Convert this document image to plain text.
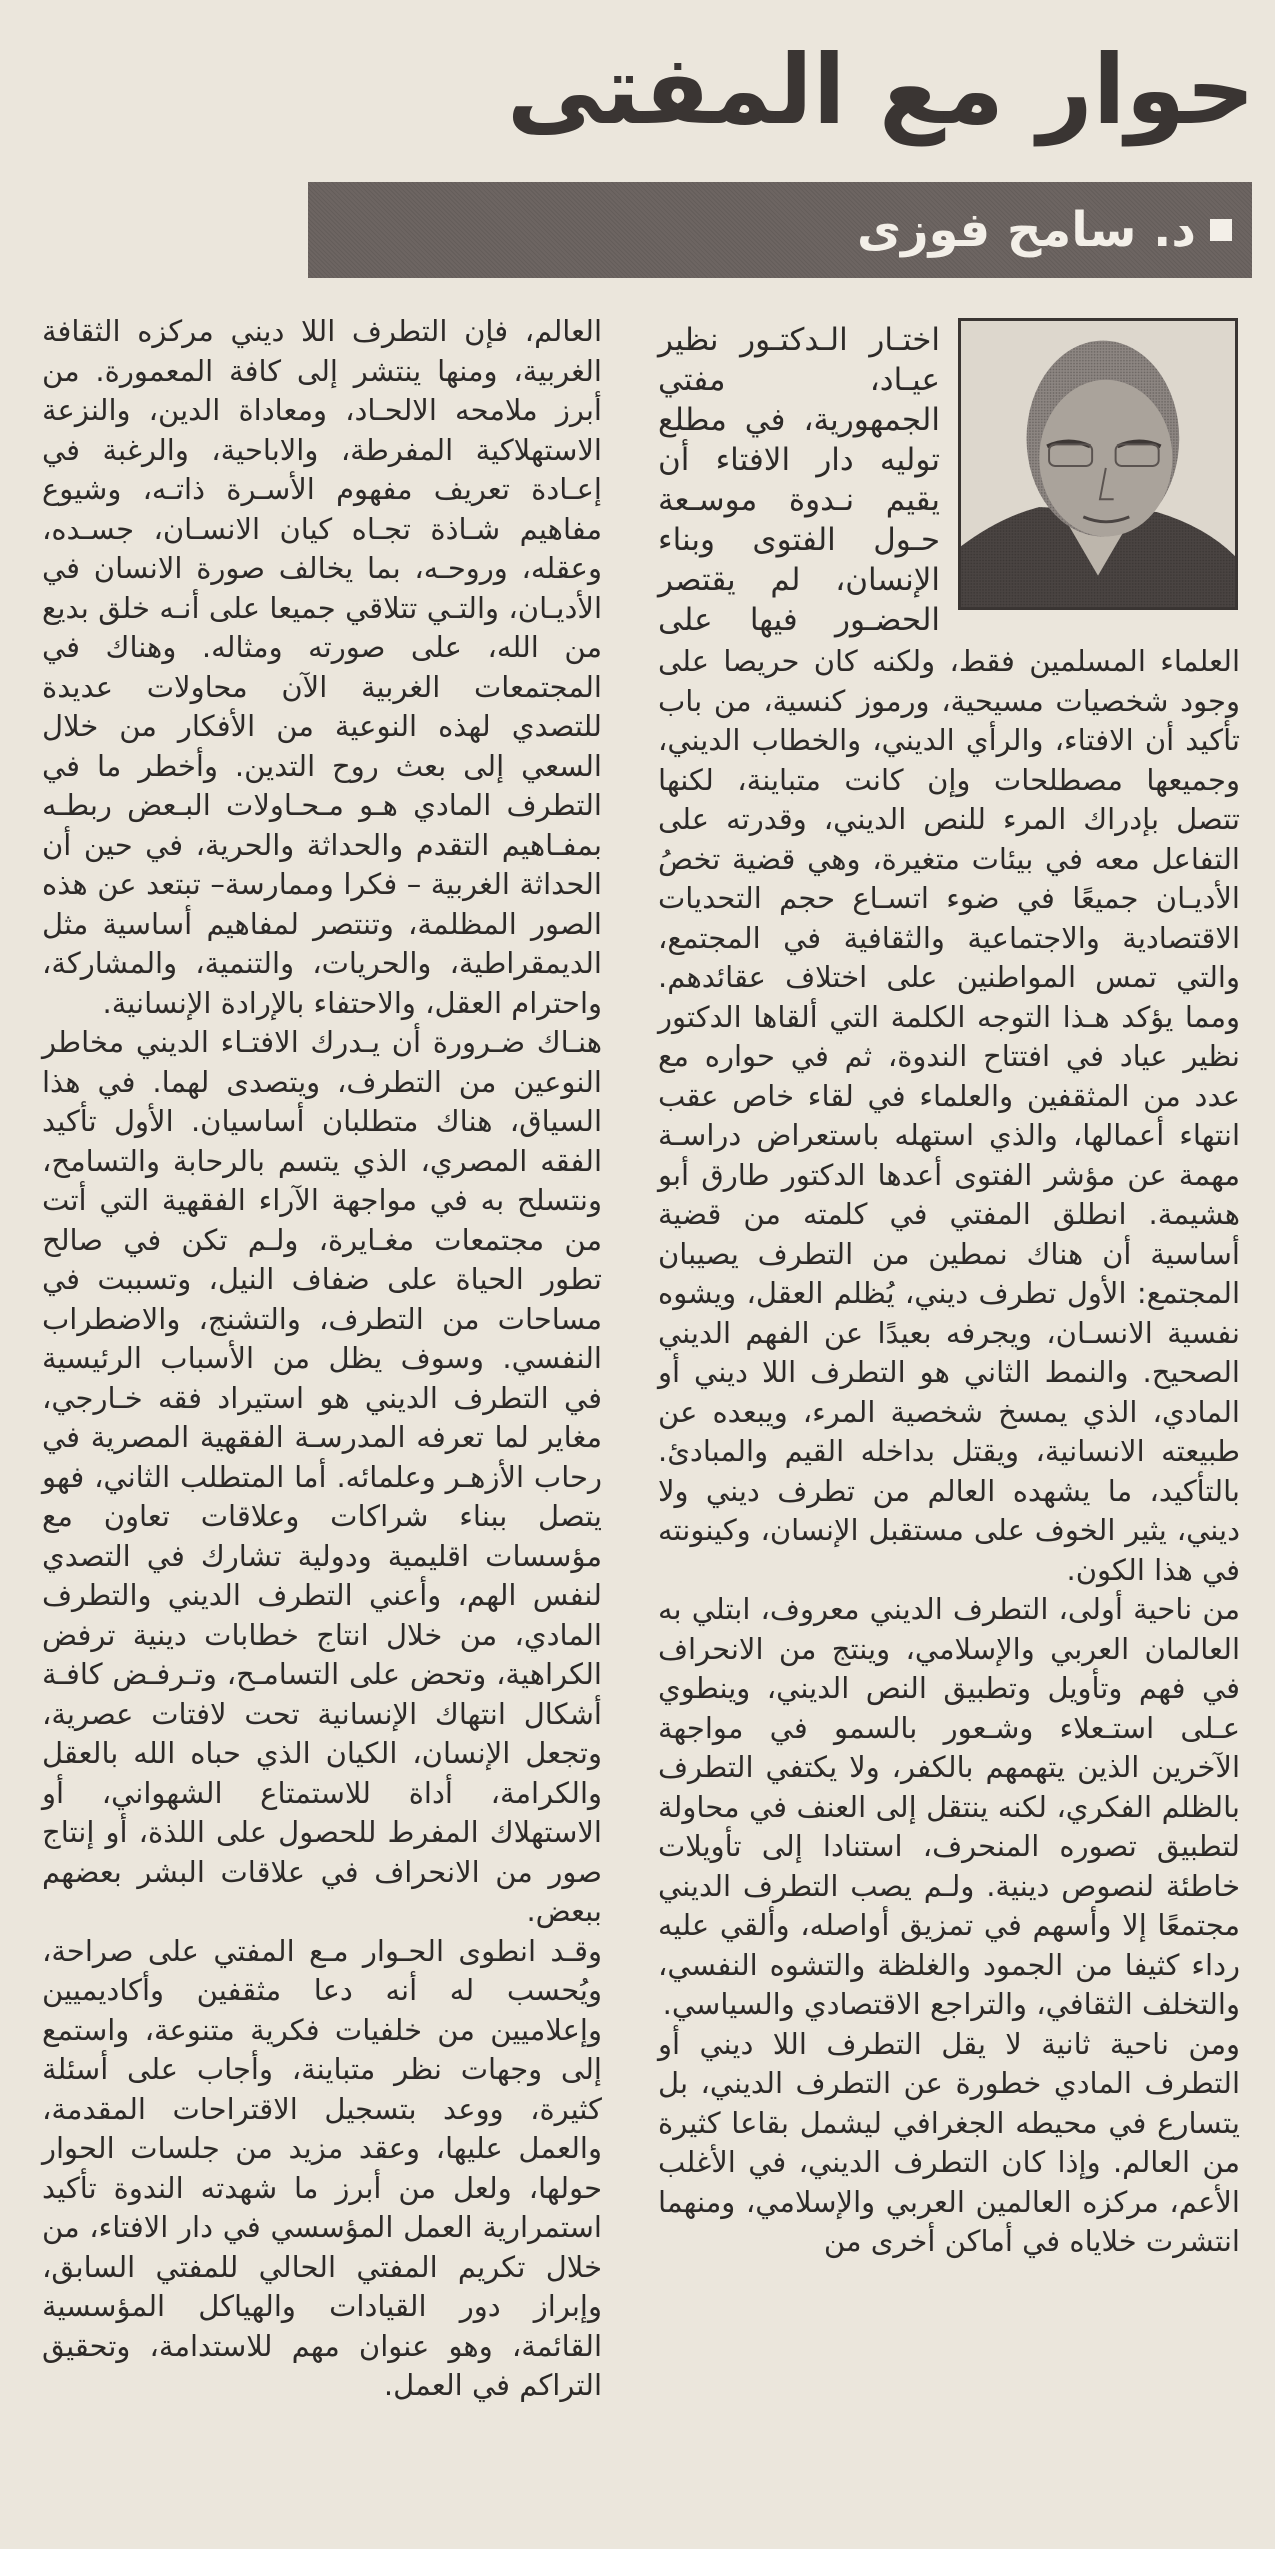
حوار مع المفتى
د. سامح فوزى

اختـار الـدكتـور نظير عيـاد، مفتي الجمهورية، في مطلع توليه دار الافتاء أن يقيم نـدوة موسـعة حـول الفتوى وبناء الإنسان، لم يقتصر الحضـور فيها على

العلماء المسلمين فقط، ولكنه كان حريصا على وجود شخصيات مسيحية، ورموز كنسية، من باب تأكيد أن الافتاء، والرأي الديني، والخطاب الديني، وجميعها مصطلحات وإن كانت متباينة، لكنها تتصل بإدراك المرء للنص الديني، وقدرته على التفاعل معه في بيئات متغيرة، وهي قضية تخصُ الأديـان جميعًا في ضوء اتسـاع حجم التحديات الاقتصادية والاجتماعية والثقافية في المجتمع، والتي تمس المواطنين على اختلاف عقائدهم. ومما يؤكد هـذا التوجه الكلمة التي ألقاها الدكتور نظير عياد في افتتاح الندوة، ثم في حواره مع عدد من المثقفين والعلماء في لقاء خاص عقب انتهاء أعمالها، والذي استهله باستعراض دراسـة مهمة عن مؤشر الفتوى أعدها الدكتور طارق أبو هشيمة. انطلق المفتي في كلمته من قضية أساسية أن هناك نمطين من التطرف يصيبان المجتمع: الأول تطرف ديني، يُظلم العقل، ويشوه نفسية الانسـان، ويجرفه بعيدًا عن الفهم الديني الصحيح. والنمط الثاني هو التطرف اللا ديني أو المادي، الذي يمسخ شخصية المرء، ويبعده عن طبيعته الانسانية، ويقتل بداخله القيم والمبادئ. بالتأكيد، ما يشهده العالم من تطرف ديني ولا ديني، يثير الخوف على مستقبل الإنسان، وكينونته في هذا الكون.

من ناحية أولى، التطرف الديني معروف، ابتلي به العالمان العربي والإسلامي، وينتج من الانحراف في فهم وتأويل وتطبيق النص الديني، وينطوي عـلى استـعلاء وشـعور بالسمو في مواجهة الآخرين الذين يتهمهم بالكفر، ولا يكتفي التطرف بالظلم الفكري، لكنه ينتقل إلى العنف في محاولة لتطبيق تصوره المنحرف، استنادا إلى تأويلات خاطئة لنصوص دينية. ولـم يصب التطرف الديني مجتمعًا إلا وأسهم في تمزيق أواصله، وألقي عليه رداء كثيفا من الجمود والغلظة والتشوه النفسي، والتخلف الثقافي، والتراجع الاقتصادي والسياسي.

ومن ناحية ثانية لا يقل التطرف اللا ديني أو التطرف المادي خطورة عن التطرف الديني، بل يتسارع في محيطه الجغرافي ليشمل بقاعا كثيرة من العالم. وإذا كان التطرف الديني، في الأغلب الأعم، مركزه العالمين العربي والإسلامي، ومنهما انتشرت خلاياه في أماكن أخرى من

العالم، فإن التطرف اللا ديني مركزه الثقافة الغربية، ومنها ينتشر إلى كافة المعمورة. من أبرز ملامحه الالحـاد، ومعاداة الدين، والنزعة الاستهلاكية المفرطة، والاباحية، والرغبة في إعـادة تعريف مفهوم الأسـرة ذاتـه، وشيوع مفاهيم شـاذة تجـاه كيان الانسـان، جسـده، وعقله، وروحـه، بما يخالف صورة الانسان في الأديـان، والتـي تتلاقي جميعا على أنـه خلق بديع من الله، على صورته ومثاله. وهناك في المجتمعات الغربية الآن محاولات عديدة للتصدي لهذه النوعية من الأفكار من خلال السعي إلى بعث روح التدين. وأخطر ما في التطرف المادي هـو مـحـاولات البـعض ربطـه بمفـاهيم التقدم والحداثة والحرية، في حين أن الحداثة الغربية – فكرا وممارسة– تبتعد عن هذه الصور المظلمة، وتنتصر لمفاهيم أساسية مثل الديمقراطية، والحريات، والتنمية، والمشاركة، واحترام العقل، والاحتفاء بالإرادة الإنسانية.

هنـاك ضـرورة أن يـدرك الافتـاء الديني مخاطر النوعين من التطرف، ويتصدى لهما. في هذا السياق، هناك متطلبان أساسيان. الأول تأكيد الفقه المصري، الذي يتسم بالرحابة والتسامح، ونتسلح به في مواجهة الآراء الفقهية التي أتت من مجتمعات مغـايرة، ولـم تكن في صالح تطور الحياة على ضفاف النيل، وتسببت في مساحات من التطرف، والتشنج، والاضطراب النفسي. وسوف يظل من الأسباب الرئيسية في التطرف الديني هو استيراد فقه خـارجي، مغاير لما تعرفه المدرسـة الفقهية المصرية في رحاب الأزهـر وعلمائه. أما المتطلب الثاني، فهو يتصل ببناء شراكات وعلاقات تعاون مع مؤسسات اقليمية ودولية تشارك في التصدي لنفس الهم، وأعني التطرف الديني والتطرف المادي، من خلال انتاج خطابات دينية ترفض الكراهية، وتحض على التسامـح، وتـرفـض كافـة أشكال انتهاك الإنسانية تحت لافتات عصرية، وتجعل الإنسان، الكيان الذي حباه الله بالعقل والكرامة، أداة للاستمتاع الشهواني، أو الاستهلاك المفرط للحصول على اللذة، أو إنتاج صور من الانحراف في علاقات البشر بعضهم ببعض.

وقـد انطوى الحـوار مـع المفتي على صراحة، ويُحسب له أنه دعا مثقفين وأكاديميين وإعلاميين من خلفيات فكرية متنوعة، واستمع إلى وجهات نظر متباينة، وأجاب على أسئلة كثيرة، ووعد بتسجيل الاقتراحات المقدمة، والعمل عليها، وعقد مزيد من جلسات الحوار حولها، ولعل من أبرز ما شهدته الندوة تأكيد استمرارية العمل المؤسسي في دار الافتاء، من خلال تكريم المفتي الحالي للمفتي السابق، وإبراز دور القيادات والهياكل المؤسسية القائمة، وهو عنوان مهم للاستدامة، وتحقيق التراكم في العمل.
